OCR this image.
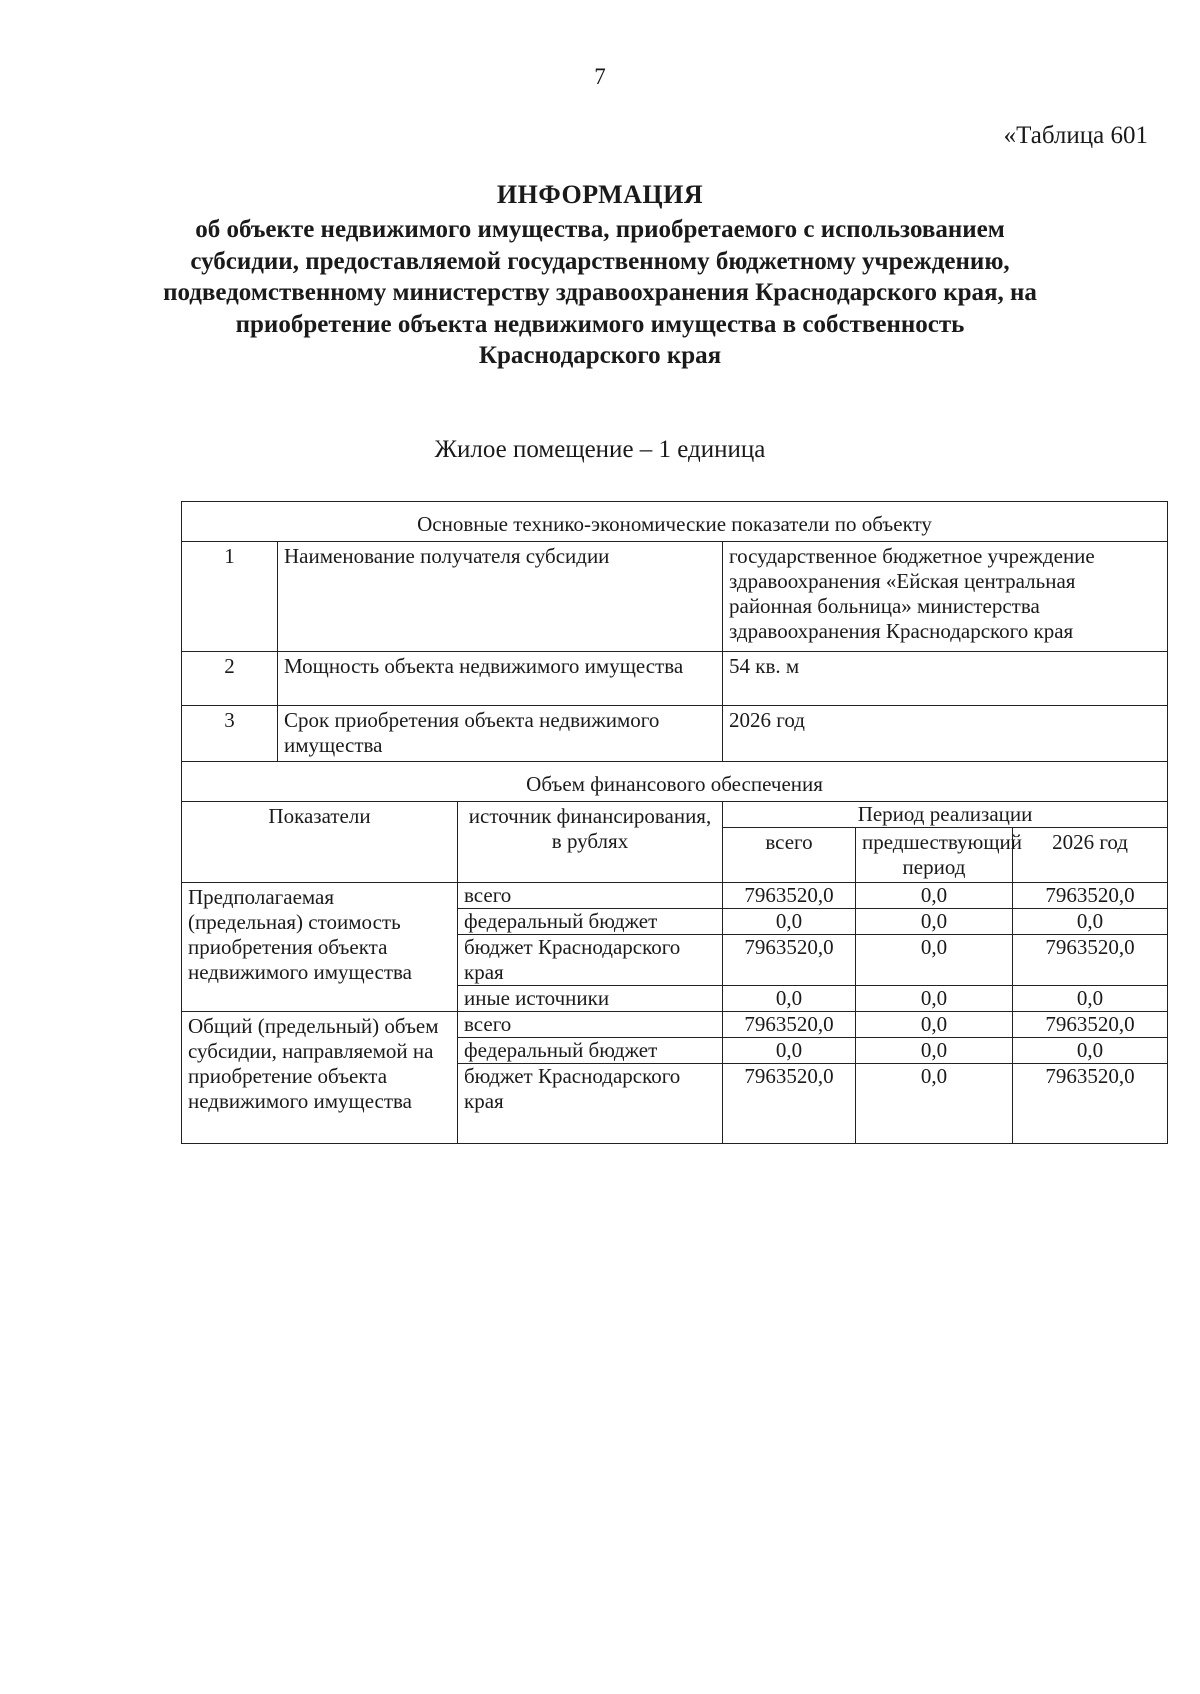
7
«Таблица 601
ИНФОРМАЦИЯ
об объекте недвижимого имущества, приобретаемого с использованием субсидии, предоставляемой государственному бюджетному учреждению, подведомственному министерству здравоохранения Краснодарского края, на приобретение объекта недвижимого имущества в собственность Краснодарского края
Жилое помещение – 1 единица
Основные технико-экономические показатели по объекту					
1	Наименование получателя субсидии		государственное бюджетное учреждение здравоохранения «Ейская центральная районная больница» министерства здравоохранения Краснодарского края		
2	Мощность объекта недвижимого имущества		54 кв. м		
3	Срок приобретения объекта недвижимого имущества		2026 год		
Объем финансового обеспечения					
Показатели		источник финансирования, в рублях	Период реализации		
			всего	предшествующий период	2026 год
Предполагаемая (предельная) стоимость приобретения объекта недвижимого имущества		всего	7963520,0	0,0	7963520,0
		федеральный бюджет	0,0	0,0	0,0
		бюджет Краснодарского края	7963520,0	0,0	7963520,0
		иные источники	0,0	0,0	0,0
Общий (предельный) объем субсидии, направляемой на приобретение объекта недвижимого имущества		всего	7963520,0	0,0	7963520,0
		федеральный бюджет	0,0	0,0	0,0
		бюджет Краснодарского края	7963520,0	0,0	7963520,0
